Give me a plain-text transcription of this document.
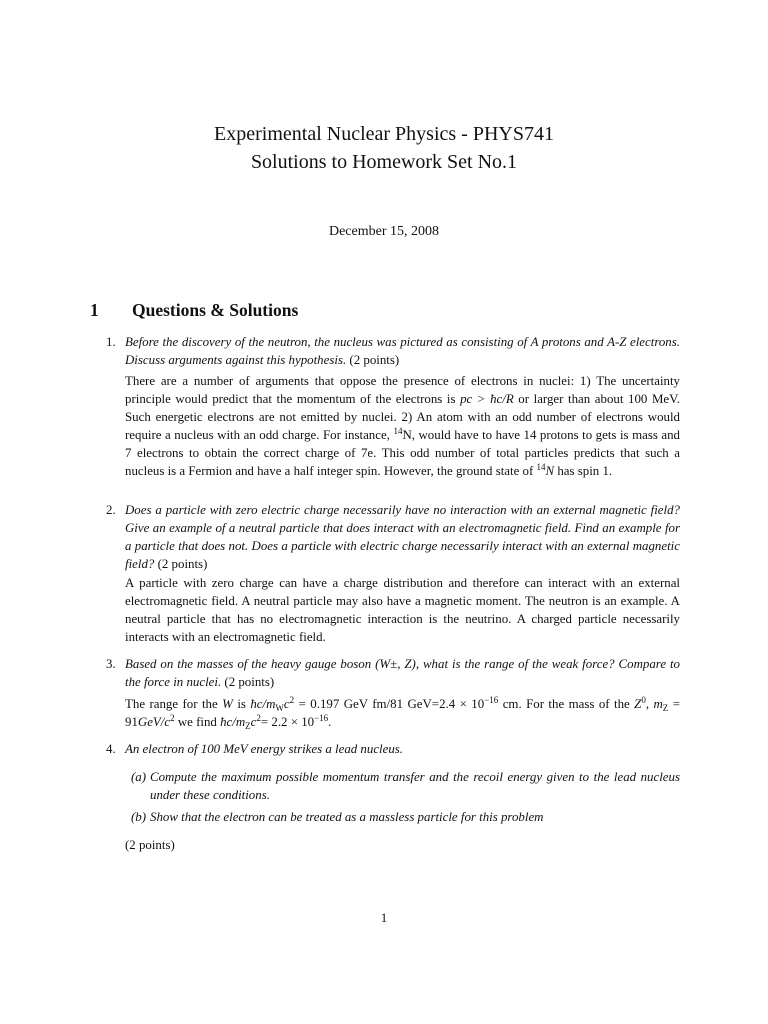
Experimental Nuclear Physics - PHYS741
Solutions to Homework Set No.1
December 15, 2008
1 Questions & Solutions
1. Before the discovery of the neutron, the nucleus was pictured as consisting of A protons and A-Z electrons. Discuss arguments against this hypothesis. (2 points)
There are a number of arguments that oppose the presence of electrons in nuclei: 1) The uncertainty principle would predict that the momentum of the electrons is pc > ħc/R or larger than about 100 MeV. Such energetic electrons are not emitted by nuclei. 2) An atom with an odd number of electrons would require a nucleus with an odd charge. For instance, $^{14}$N, would have to have 14 protons to gets is mass and 7 electrons to obtain the correct charge of 7e. This odd number of total particles predicts that such a nucleus is a Fermion and have a half integer spin. However, the ground state of $^{14}$N has spin 1.
2. Does a particle with zero electric charge necessarily have no interaction with an external magnetic field? Give an example of a neutral particle that does interact with an electromagnetic field. Find an example for a particle that does not. Does a particle with electric charge necessarily interact with an external magnetic field? (2 points)
A particle with zero charge can have a charge distribution and therefore can interact with an external electromagnetic field. A neutral particle may also have a magnetic moment. The neutron is an example. A neutral particle that has no electromagnetic interaction is the neutrino. A charged particle necessarily interacts with an electromagnetic field.
3. Based on the masses of the heavy gauge boson (W±, Z), what is the range of the weak force? Compare to the force in nuclei. (2 points)
The range for the W is $ħc/m_Wc^2 = 0.197$ GeV fm/81 $GeV=2.4 \times 10^{-16}$ cm. For the mass of the $Z^0$, $m_Z = 91GeV/c^2$ we find $ħc/m_Zc^2= 2.2 \times 10^{-16}$.
4. An electron of 100 MeV energy strikes a lead nucleus.
(a) Compute the maximum possible momentum transfer and the recoil energy given to the lead nucleus under these conditions.
(b) Show that the electron can be treated as a massless particle for this problem
(2 points)
1
